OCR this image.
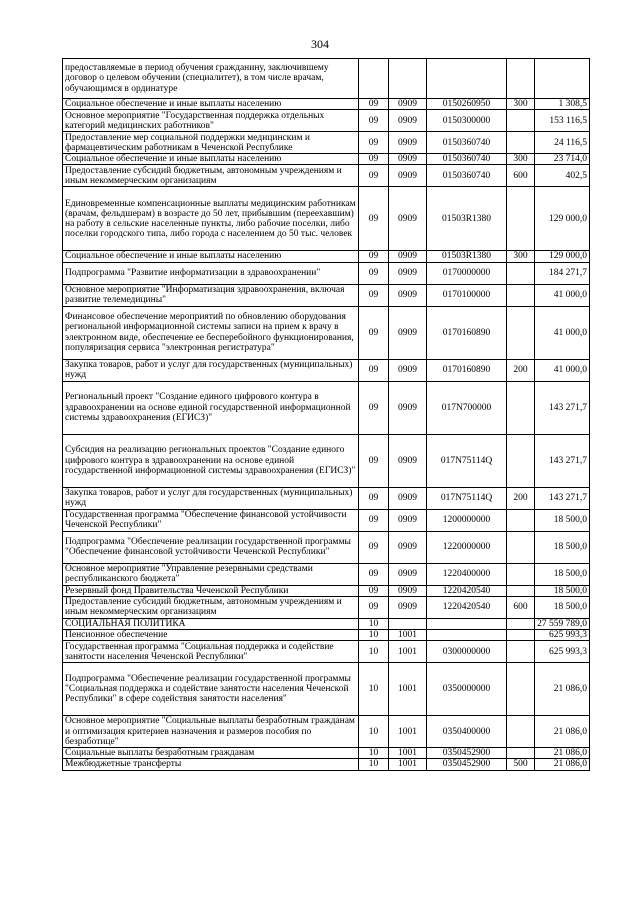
304
предоставляемые в период обучения гражданину, заключившему договор о целевом обучении (специалитет), в том числе врачам, обучающимся в ординатуре					
Социальное обеспечение и иные выплаты населению	09	0909	0150260950	300	1 308,5
Основное мероприятие "Государственная поддержка отдельных категорий медицинских работников"	09	0909	0150300000		153 116,5
Предоставление мер социальной поддержки медицинским и фармацевтическим работникам в Чеченской Республике	09	0909	0150360740		24 116,5
Социальное обеспечение и иные выплаты населению	09	0909	0150360740	300	23 714,0
Предоставление субсидий бюджетным, автономным учреждениям и иным некоммерческим организациям	09	0909	0150360740	600	402,5
Единовременные компенсационные выплаты медицинским работникам (врачам, фельдшерам) в возрасте до 50 лет, прибывшим (переехавшим) на работу в сельские населенные пункты, либо рабочие поселки, либо поселки городского типа, либо города с населением до 50 тыс. человек	09	0909	01503R1380		129 000,0
Социальное обеспечение и иные выплаты населению	09	0909	01503R1380	300	129 000,0
Подпрограмма "Развитие информатизации в здравоохранении"	09	0909	0170000000		184 271,7
Основное мероприятие "Информатизация здравоохранения, включая развитие телемедицины"	09	0909	0170100000		41 000,0
Финансовое обеспечение мероприятий по обновлению оборудования региональной информационной системы записи на прием к врачу в электронном виде, обеспечение ее бесперебойного функционирования, популяризация сервиса "электронная регистратура"	09	0909	0170160890		41 000,0
Закупка товаров, работ и услуг для государственных (муниципальных) нужд	09	0909	0170160890	200	41 000,0
Региональный проект "Создание единого цифрового контура в здравоохранении на основе единой государственной информационной системы здравоохранения (ЕГИСЗ)"	09	0909	017N700000		143 271,7
Субсидия на реализацию региональных проектов "Создание единого цифрового контура в здравоохранении на основе единой государственной информационной системы здравоохранения (ЕГИСЗ)"	09	0909	017N75114Q		143 271,7
Закупка товаров, работ и услуг для государственных (муниципальных) нужд	09	0909	017N75114Q	200	143 271,7
Государственная программа "Обеспечение финансовой устойчивости Чеченской Республики"	09	0909	1200000000		18 500,0
Подпрограмма "Обеспечение реализации государственной программы "Обеспечение финансовой устойчивости Чеченской Республики"	09	0909	1220000000		18 500,0
Основное мероприятие "Управление резервными средствами республиканского бюджета"	09	0909	1220400000		18 500,0
Резервный фонд Правительства Чеченской Республики	09	0909	1220420540		18 500,0
Предоставление субсидий бюджетным, автономным учреждениям и иным некоммерческим организациям	09	0909	1220420540	600	18 500,0
СОЦИАЛЬНАЯ ПОЛИТИКА	10				27 559 789,0
Пенсионное обеспечение	10	1001			625 993,3
Государственная программа "Социальная поддержка и содействие занятости населения Чеченской Республики"	10	1001	0300000000		625 993,3
Подпрограмма "Обеспечение реализации государственной программы "Социальная поддержка и содействие занятости населения Чеченской Республики" в сфере содействия занятости населения"	10	1001	0350000000		21 086,0
Основное мероприятие "Социальные выплаты безработным гражданам и оптимизация критериев назначения и размеров пособия по безработице"	10	1001	0350400000		21 086,0
Социальные выплаты безработным гражданам	10	1001	0350452900		21 086,0
Межбюджетные трансферты	10	1001	0350452900	500	21 086,0
